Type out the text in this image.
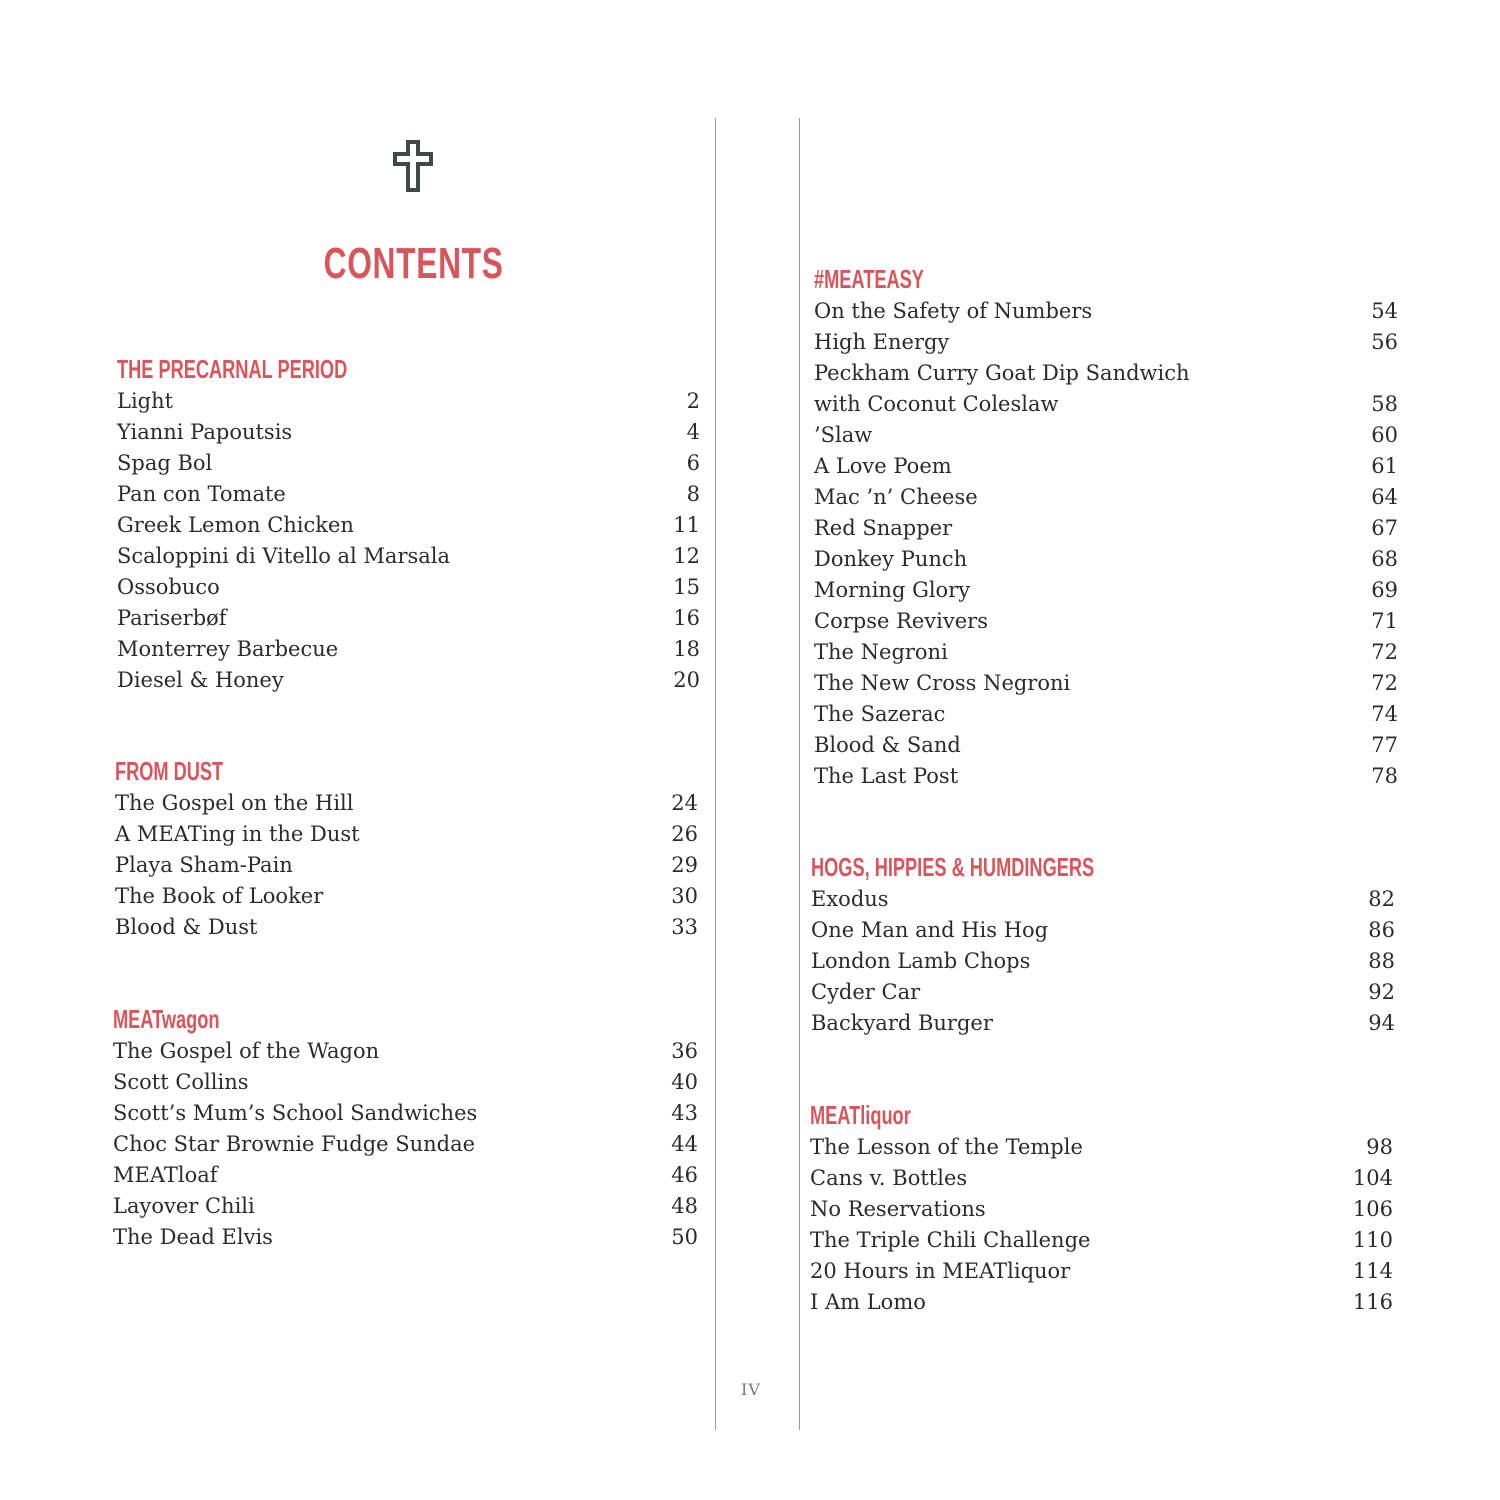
CONTENTS
THE PRECARNAL PERIOD
Light	2
Yianni Papoutsis	4
Spag Bol	6
Pan con Tomate	8
Greek Lemon Chicken	11
Scaloppini di Vitello al Marsala	12
Ossobuco	15
Pariserbøf	16
Monterrey Barbecue	18
Diesel & Honey	20
FROM DUST
The Gospel on the Hill	24
A MEATing in the Dust	26
Playa Sham-Pain	29
The Book of Looker	30
Blood & Dust	33
MEATwagon
The Gospel of the Wagon	36
Scott Collins	40
Scott’s Mum’s School Sandwiches	43
Choc Star Brownie Fudge Sundae	44
MEATloaf	46
Layover Chili	48
The Dead Elvis	50
#MEATEASY
On the Safety of Numbers	54
High Energy	56
Peckham Curry Goat Dip Sandwich
with Coconut Coleslaw	58
’Slaw	60
A Love Poem	61
Mac ’n’ Cheese	64
Red Snapper	67
Donkey Punch	68
Morning Glory	69
Corpse Revivers	71
The Negroni	72
The New Cross Negroni	72
The Sazerac	74
Blood & Sand	77
The Last Post	78
HOGS, HIPPIES & HUMDINGERS
Exodus	82
One Man and His Hog	86
London Lamb Chops	88
Cyder Car	92
Backyard Burger	94
MEATliquor
The Lesson of the Temple	98
Cans v. Bottles	104
No Reservations	106
The Triple Chili Challenge	110
20 Hours in MEATliquor	114
I Am Lomo	116
IV
